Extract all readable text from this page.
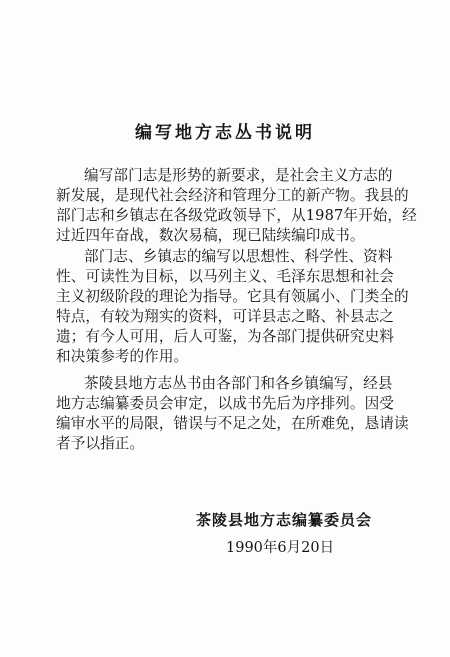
编写地方志丛书说明
编写部门志是形势的新要求，是社会主义方志的
新发展，是现代社会经济和管理分工的新产物。我县的
部门志和乡镇志在各级党政领导下，从1987年开始，经
过近四年奋战，数次易稿，现已陆续编印成书。
部门志、乡镇志的编写以思想性、科学性、资料
性、可读性为目标，以马列主义、毛泽东思想和社会
主义初级阶段的理论为指导。它具有领属小、门类全的
特点，有较为翔实的资料，可详县志之略、补县志之
遗；有今人可用，后人可鉴，为各部门提供研究史料
和决策参考的作用。
茶陵县地方志丛书由各部门和各乡镇编写，经县
地方志编纂委员会审定，以成书先后为序排列。因受
编审水平的局限，错误与不足之处，在所难免，恳请读
者予以指正。
茶陵县地方志编纂委员会
1990年6月20日
